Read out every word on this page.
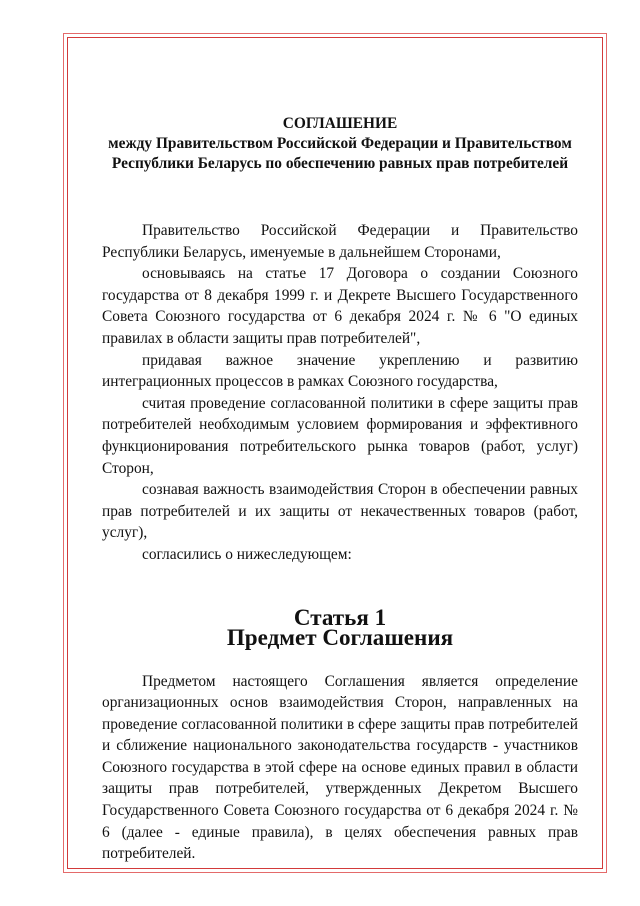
СОГЛАШЕНИЕ
между Правительством Российской Федерации и Правительством
Республики Беларусь по обеспечению равных прав потребителей

Правительство Российской Федерации и Правительство Республики Беларусь, именуемые в дальнейшем Сторонами,

основываясь на статье 17 Договора о создании Союзного государства от 8 декабря 1999 г. и Декрете Высшего Государственного Совета Союзного государства от 6 декабря 2024 г. № 6 "О единых правилах в области защиты прав потребителей",

придавая важное значение укреплению и развитию интеграционных процессов в рамках Союзного государства,

считая проведение согласованной политики в сфере защиты прав потребителей необходимым условием формирования и эффективного функционирования потребительского рынка товаров (работ, услуг) Сторон,

сознавая важность взаимодействия Сторон в обеспечении равных прав потребителей и их защиты от некачественных товаров (работ, услуг),

согласились о нижеследующем:

Статья 1
Предмет Соглашения

Предметом настоящего Соглашения является определение организационных основ взаимодействия Сторон, направленных на проведение согласованной политики в сфере защиты прав потребителей и сближение национального законодательства государств - участников Союзного государства в этой сфере на основе единых правил в области защиты прав потребителей, утвержденных Декретом Высшего Государственного Совета Союзного государства от 6 декабря 2024 г. № 6 (далее - единые правила), в целях обеспечения равных прав потребителей.
